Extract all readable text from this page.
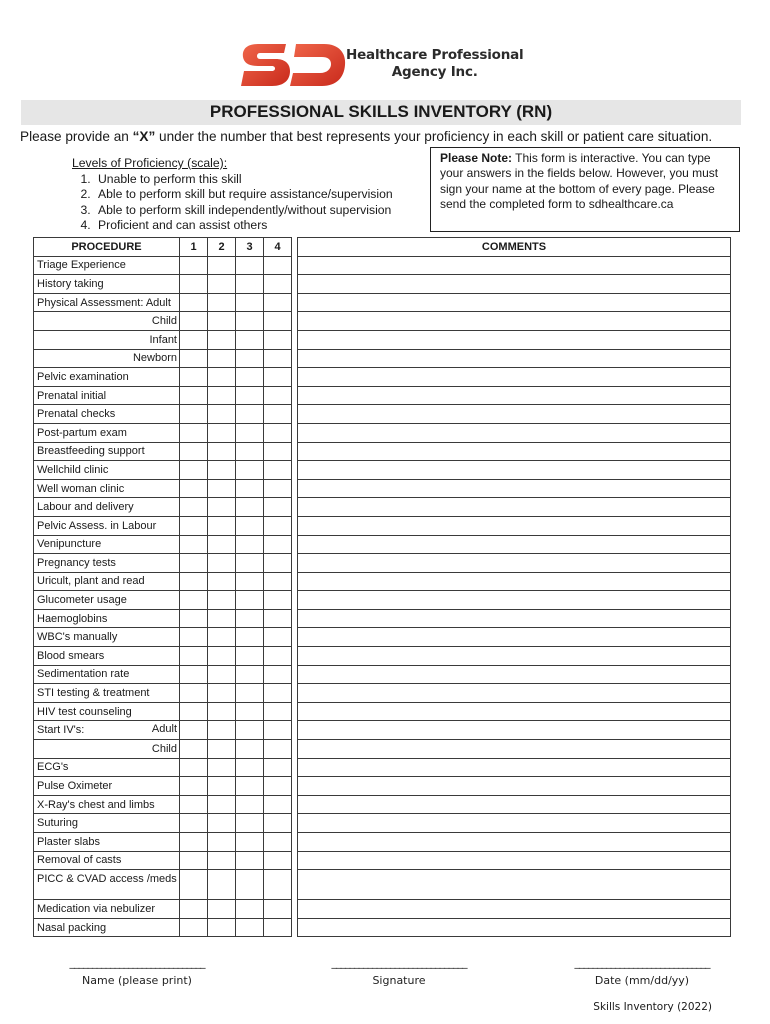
Healthcare Professional
Agency Inc.
PROFESSIONAL SKILLS INVENTORY (RN)
Please provide an “X” under the number that best represents your proficiency in each skill or patient care situation.
Levels of Proficiency (scale):
1. Unable to perform this skill
2. Able to perform skill but require assistance/supervision
3. Able to perform skill independently/without supervision
4. Proficient and can assist others
Please Note: This form is interactive. You can type your answers in the fields below. However, you must sign your name at the bottom of every page. Please send the completed form to sdhealthcare.ca
PROCEDURE	1	2	3	4		COMMENTS
Triage Experience						
History taking						
Physical Assessment: Adult						
Child						
Infant						
Newborn						
Pelvic examination						
Prenatal initial						
Prenatal checks						
Post-partum exam						
Breastfeeding support						
Wellchild clinic						
Well woman clinic						
Labour and delivery						
Pelvic Assess. in Labour						
Venipuncture						
Pregnancy tests						
Uricult, plant and read						
Glucometer usage						
Haemoglobins						
WBC's manually						
Blood smears						
Sedimentation rate						
STI testing & treatment						
HIV test counseling						
Start IV's: Adult						

Child						
ECG's						
Pulse Oximeter						
X-Ray's chest and limbs						
Suturing						
Plaster slabs						
Removal of casts						
PICC & CVAD access /meds						
Medication via nebulizer						
Nasal packing						
______________________________
Name (please print)
______________________________
Signature
______________________________
Date (mm/dd/yy)
Skills Inventory (2022)
